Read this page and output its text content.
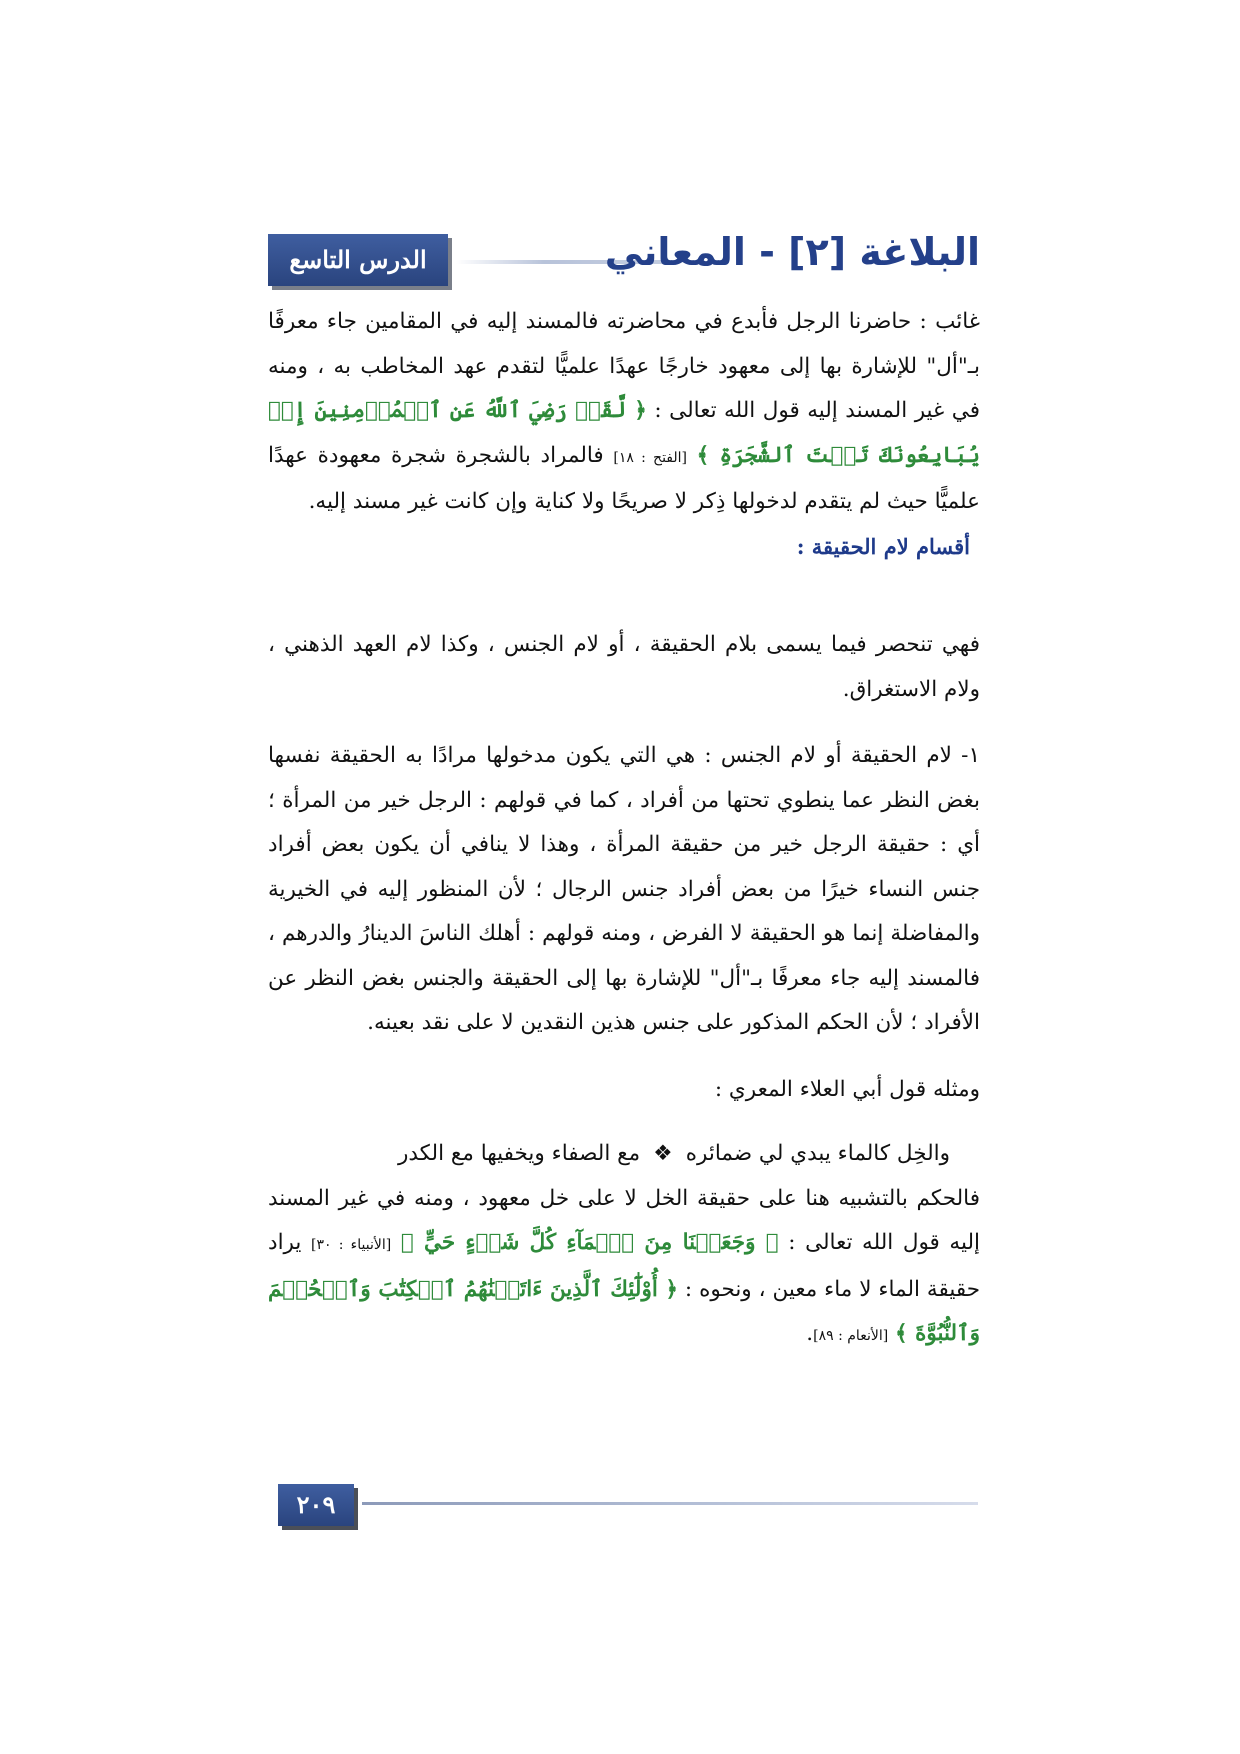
الدرس التاسع	البلاغة [٢] - المعاني

غائب : حاضرنا الرجل فأبدع في محاضرته فالمسند إليه في المقامين جاء معرفًا بـ"أل" للإشارة بها إلى معهود خارجًا عهدًا علميًّا لتقدم عهد المخاطب به ، ومنه في غير المسند إليه قول الله تعالى : ﴿ لَّقَدۡ رَضِيَ ٱللَّهُ عَنِ ٱلۡمُؤۡمِنِينَ إِذۡ يُبَايِعُونَكَ تَحۡتَ ٱلشَّجَرَةِ ﴾ [الفتح : ١٨] فالمراد بالشجرة شجرة معهودة عهدًا علميًّا حيث لم يتقدم لدخولها ذِكر لا صريحًا ولا كناية وإن كانت غير مسند إليه.

أقسام لام الحقيقة :

فهي تنحصر فيما يسمى بلام الحقيقة ، أو لام الجنس ، وكذا لام العهد الذهني ، ولام الاستغراق.

١- لام الحقيقة أو لام الجنس : هي التي يكون مدخولها مرادًا به الحقيقة نفسها بغض النظر عما ينطوي تحتها من أفراد ، كما في قولهم : الرجل خير من المرأة ؛ أي : حقيقة الرجل خير من حقيقة المرأة ، وهذا لا ينافي أن يكون بعض أفراد جنس النساء خيرًا من بعض أفراد جنس الرجال ؛ لأن المنظور إليه في الخيرية والمفاضلة إنما هو الحقيقة لا الفرض ، ومنه قولهم : أهلك الناسَ الدينارُ والدرهم ، فالمسند إليه جاء معرفًا بـ"أل" للإشارة بها إلى الحقيقة والجنس بغض النظر عن الأفراد ؛ لأن الحكم المذكور على جنس هذين النقدين لا على نقد بعينه.

ومثله قول أبي العلاء المعري :

والخِل كالماء يبدي لي ضمائره
❖
مع الصفاء ويخفيها مع الكدر

فالحكم بالتشبيه هنا على حقيقة الخل لا على خل معهود ، ومنه في غير المسند إليه قول الله تعالى : ﴿ وَجَعَلۡنَا مِنَ ٱلۡمَآءِ كُلَّ شَيۡءٍ حَيٍّ ﴾ [الأنبياء : ٣٠] يراد حقيقة الماء لا ماء معين ، ونحوه : ﴿ أُوْلَٰٓئِكَ ٱلَّذِينَ ءَاتَيۡنَٰهُمُ ٱلۡكِتَٰبَ وَٱلۡحُكۡمَ وَٱلنُّبُوَّةَ ﴾ [الأنعام : ٨٩].

٢٠٩
